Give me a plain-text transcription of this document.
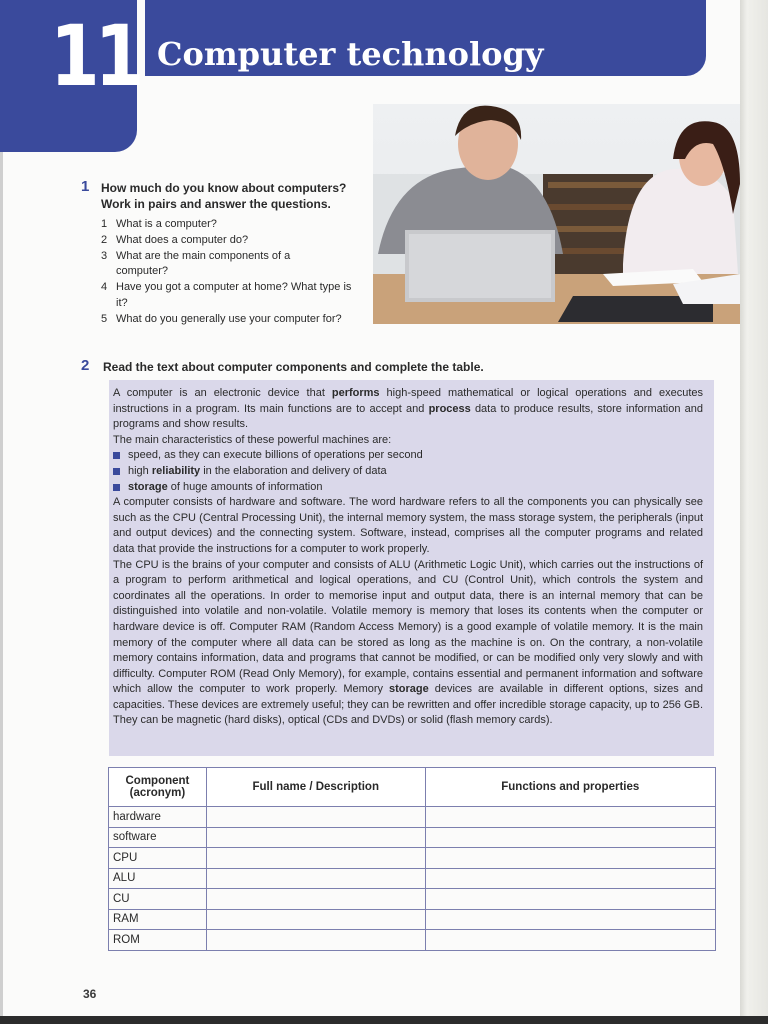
11 Computer technology
1 How much do you know about computers?
Work in pairs and answer the questions.
1 What is a computer?
2 What does a computer do?
3 What are the main components of a computer?
4 Have you got a computer at home? What type is it?
5 What do you generally use your computer for?
2 Read the text about computer components and complete the table.

A computer is an electronic device that performs high-speed mathematical or logical operations and executes instructions in a program. Its main functions are to accept and process data to produce results, store information and programs and show results.

The main characteristics of these powerful machines are:

speed, as they can execute billions of operations per second
high reliability in the elaboration and delivery of data
storage of huge amounts of information

A computer consists of hardware and software. The word hardware refers to all the components you can physically see such as the CPU (Central Processing Unit), the internal memory system, the mass storage system, the peripherals (input and output devices) and the connecting system. Software, instead, comprises all the computer programs and related data that provide the instructions for a computer to work properly.

The CPU is the brains of your computer and consists of ALU (Arithmetic Logic Unit), which carries out the instructions of a program to perform arithmetical and logical operations, and CU (Control Unit), which controls the system and coordinates all the operations. In order to memorise input and output data, there is an internal memory that can be distinguished into volatile and non-volatile. Volatile memory is memory that loses its contents when the computer or hardware device is off. Computer RAM (Random Access Memory) is a good example of volatile memory. It is the main memory of the computer where all data can be stored as long as the machine is on. On the contrary, a non-volatile memory contains information, data and programs that cannot be modified, or can be modified only very slowly and with difficulty. Computer ROM (Read Only Memory), for example, contains essential and permanent information and software which allow the computer to work properly. Memory storage devices are available in different options, sizes and capacities. These devices are extremely useful; they can be rewritten and offer incredible storage capacity, up to 256 GB. They can be magnetic (hard disks), optical (CDs and DVDs) or solid (flash memory cards).

Component (acronym)	Full name / Description	Functions and properties
hardware		
software		
CPU		
ALU		
CU		
RAM		
ROM		
36
